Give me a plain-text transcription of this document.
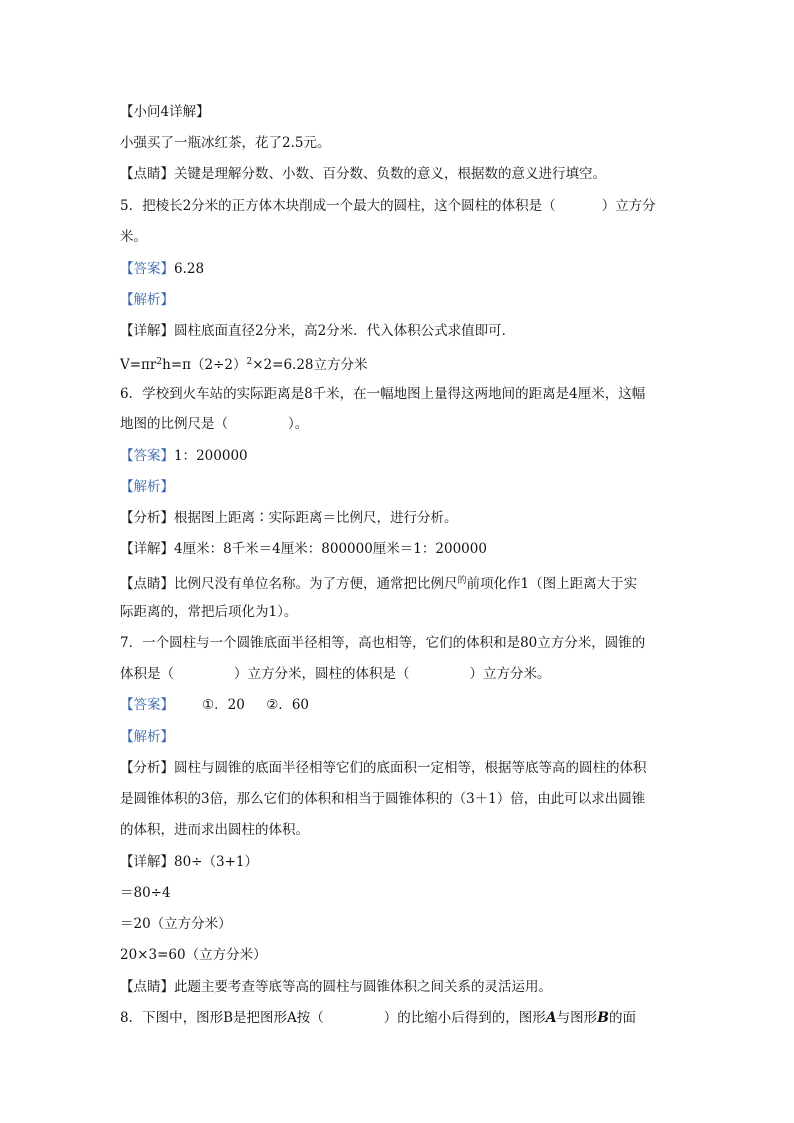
【小问4详解】
小强买了一瓶冰红茶，花了2.5元。
【点睛】关键是理解分数、小数、百分数、负数的意义，根据数的意义进行填空。
5．把棱长2分米的正方体木块削成一个最大的圆柱，这个圆柱的体积是（	）立方分
米。
【答案】6.28
【解析】
【详解】圆柱底面直径2分米，高2分米．代入体积公式求值即可．
$V=\pi r^2h=\pi(2\div 2)^2\times 2=6.28$立方分米
6．学校到火车站的实际距离是8千米，在一幅地图上量得这两地间的距离是4厘米，这幅
地图的比例尺是（	）。
【答案】1：200000
【解析】
【分析】根据图上距离∶实际距离＝比例尺，进行分析。
【详解】4厘米：8千米＝4厘米：800000厘米＝1：200000
【点睛】比例尺没有单位名称。为了方便，通常把比例尺$^的$前项化作1（图上距离大于实
际距离的，常把后项化为1）。
7．一个圆柱与一个圆锥底面半径相等，高也相等，它们的体积和是80立方分米，圆锥的
体积是（	）立方分米，圆柱的体积是（	）立方分米。
【答案】 ①．20     ②．60
【解析】
【分析】圆柱与圆锥的底面半径相等它们的底面积一定相等，根据等底等高的圆柱的体积
是圆锥体积的3倍，那么它们的体积和相当于圆锥体积的（3＋1）倍，由此可以求出圆锥
的体积，进而求出圆柱的体积。
【详解】80÷（3+1）
＝80÷4
＝20（立方分米）
20×3=60（立方分米）
【点睛】此题主要考查等底等高的圆柱与圆锥体积之间关系的灵活运用。
8．下图中，图形B是把图形A按（	）的比缩小后得到的，图形A与图形B的面
